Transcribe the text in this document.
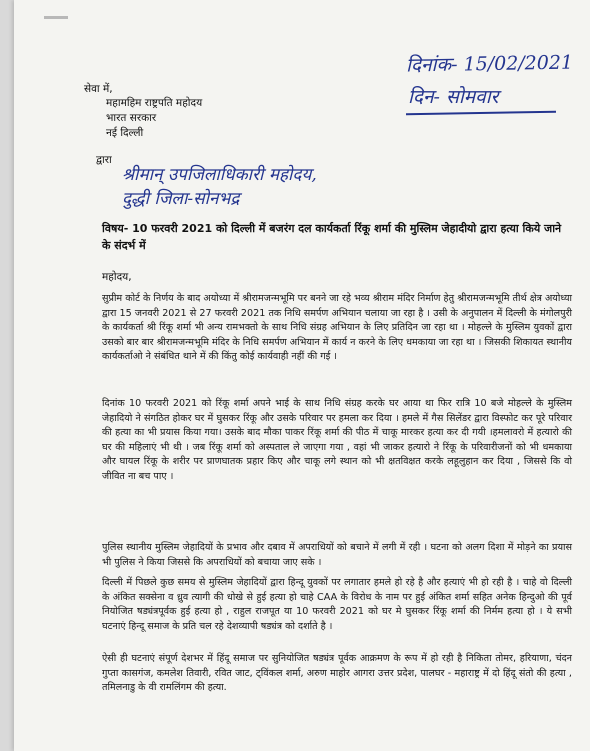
दिनांक- 15/02/2021
दिन- सोमवार
सेवा में,
महामहिम राष्ट्रपति महोदय
भारत सरकार
नई दिल्ली
द्वारा
श्रीमान् उपजिलाधिकारी महोदय,
दुद्धी जिला-सोनभद्र
विषय- 10 फरवरी 2021 को दिल्ली में बजरंग दल कार्यकर्ता रिंकू शर्मा की मुस्लिम जेहादीयो द्वारा हत्या किये जाने के संदर्भ में
महोदय,
सुप्रीम कोर्ट के निर्णय के बाद अयोध्या में श्रीरामजन्मभूमि पर बनने जा रहे भव्य श्रीराम मंदिर निर्माण हेतु श्रीरामजन्मभूमि तीर्थ क्षेत्र अयोध्या द्वारा 15 जनवरी 2021 से 27 फरवरी 2021 तक निधि समर्पण अभियान चलाया जा रहा है । उसी के अनुपालन में दिल्ली के मंगोलपुरी के कार्यकर्ता श्री रिंकू शर्मा भी अन्य रामभक्तो के साथ निधि संग्रह अभियान के लिए प्रतिदिन जा रहा था । मोहल्ले के मुस्लिम युवकों द्वारा उसको बार बार श्रीरामजन्मभूमि मंदिर के निधि समर्पण अभियान में कार्य न करने के लिए धमकाया जा रहा था । जिसकी शिकायत स्थानीय कार्यकर्ताओ ने संबंधित थाने में की किंतु कोई कार्यवाही नहीं की गई ।
दिनांक 10 फरवरी 2021 को रिंकू शर्मा अपने भाई के साथ निधि संग्रह करके घर आया था फिर रात्रि 10 बजे मोहल्ले के मुस्लिम जेहादियो ने संगठित होकर घर में घुसकर रिंकू और उसके परिवार पर हमला कर दिया । हमले में गैस सिलेंडर द्वारा विस्फोट कर पूरे परिवार की हत्या का भी प्रयास किया गया। उसके बाद मौका पाकर रिंकू शर्मा की पीठ में चाकू मारकर हत्या कर दी गयी ।हमलावरो में हत्यारो की घर की महिलाएं भी थी । जब रिंकू शर्मा को अस्पताल ले जाएगा गया , वहां भी जाकर हत्यारो ने रिंकू के परिवारीजनों को भी धमकाया और घायल रिंकू के शरीर पर प्राणघातक प्रहार किए और चाकू लगे स्थान को भी क्षतविक्षत करके लहूलुहान कर दिया , जिससे कि वो जीवित ना बच पाए ।
पुलिस स्थानीय मुस्लिम जेहादियों के प्रभाव और दबाव में अपराधियों को बचाने में लगी में रही । घटना को अलग दिशा में मोड़ने का प्रयास भी पुलिस ने किया जिससे कि अपराधियों को बचाया जाए सके ।
दिल्ली में पिछले कुछ समय से मुस्लिम जेहादियों द्वारा हिन्दू युवकों पर लगातार हमले हो रहे है और हत्याएं भी हो रही है । चाहे वो दिल्ली के अंकित सक्सेना व ध्रुव त्यागी की धोखे से हुई हत्या हो चाहे CAA के विरोध के नाम पर हुई अंकित शर्मा सहित अनेक हिन्दुओ की पूर्व नियोजित षड्यंत्रपूर्वक हुई हत्या हो , राहुल राजपूत या 10 फरवरी 2021 को घर मे घुसकर रिंकू शर्मा की निर्मम हत्या हो । ये सभी घटनाएं हिन्दू समाज के प्रति चल रहे देशव्यापी षड्यंत्र को दर्शाते है ।
ऐसी ही घटनाएं संपूर्ण देशभर में हिंदू समाज पर सुनियोजित षड्यंत्र पूर्वक आक्रमण के रूप में हो रही है निकिता तोमर, हरियाणा, चंदन गुप्ता कासगंज, कमलेश तिवारी, रवित जाट, ट्विंकल शर्मा, अरुण माहोर आगरा उत्तर प्रदेश, पालघर - महाराष्ट्र में दो हिंदू संतो की हत्या , तमिलनाडु के वी रामलिंगम की हत्या.
